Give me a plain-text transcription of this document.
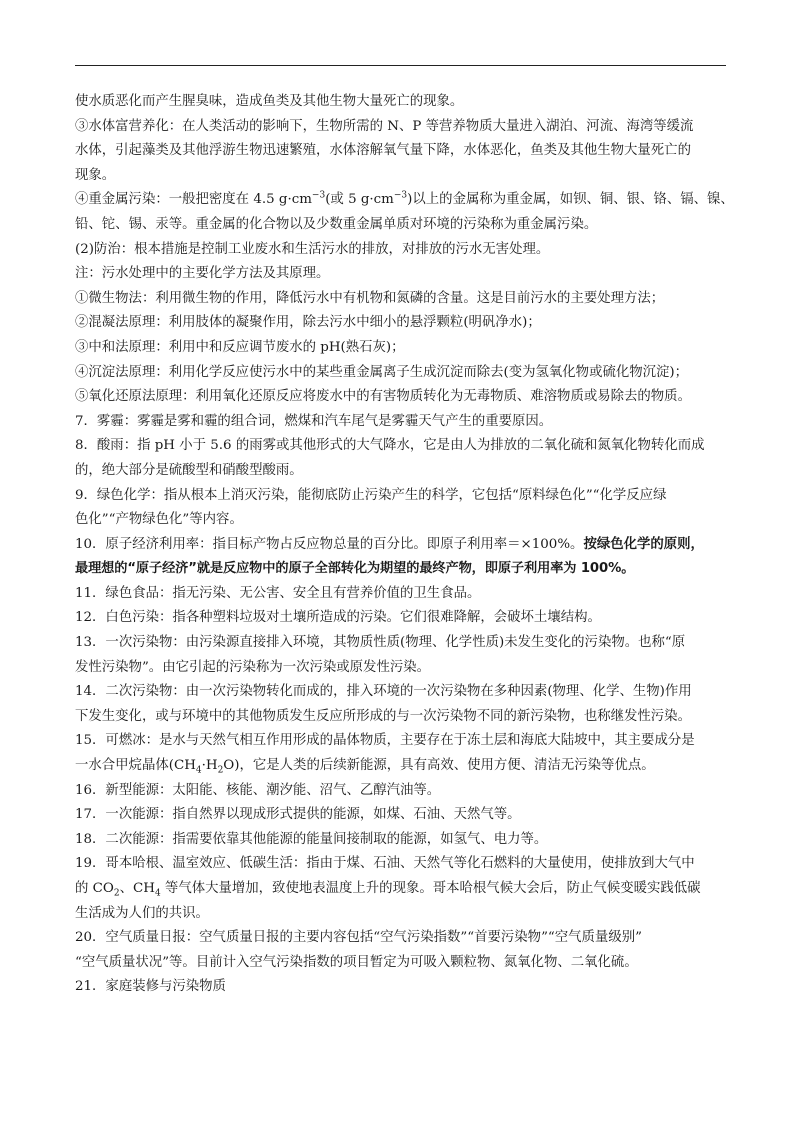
使水质恶化而产生腥臭味，造成鱼类及其他生物大量死亡的现象。

③水体富营养化：在人类活动的影响下，生物所需的 N、P 等营养物质大量进入湖泊、河流、海湾等缓流

水体，引起藻类及其他浮游生物迅速繁殖，水体溶解氧气量下降，水体恶化，鱼类及其他生物大量死亡的

现象。

④重金属污染：一般把密度在 4.5 $g\cdot cm^{-3}$(或 5 $g\cdot cm^{-3}$)以上的金属称为重金属，如钡、铜、银、铬、镉、镍、

铅、铊、锡、汞等。重金属的化合物以及少数重金属单质对环境的污染称为重金属污染。

(2)防治：根本措施是控制工业废水和生活污水的排放，对排放的污水无害处理。

注：污水处理中的主要化学方法及其原理。

①微生物法：利用微生物的作用，降低污水中有机物和氮磷的含量。这是目前污水的主要处理方法；

②混凝法原理：利用肢体的凝聚作用，除去污水中细小的悬浮颗粒(明矾净水)；

③中和法原理：利用中和反应调节废水的 pH(熟石灰)；

④沉淀法原理：利用化学反应使污水中的某些重金属离子生成沉淀而除去(变为氢氧化物或硫化物沉淀)；

⑤氧化还原法原理：利用氧化还原反应将废水中的有害物质转化为无毒物质、难溶物质或易除去的物质。

7．雾霾：雾霾是雾和霾的组合词，燃煤和汽车尾气是雾霾天气产生的重要原因。

8．酸雨：指 pH 小于 5.6 的雨雾或其他形式的大气降水，它是由人为排放的二氧化硫和氮氧化物转化而成

的，绝大部分是硫酸型和硝酸型酸雨。

9．绿色化学：指从根本上消灭污染，能彻底防止污染产生的科学，它包括“原料绿色化”“化学反应绿

色化”“产物绿色化”等内容。

10．原子经济利用率：指目标产物占反应物总量的百分比。即原子利用率＝×100%。按绿色化学的原则，

最理想的“原子经济”就是反应物中的原子全部转化为期望的最终产物，即原子利用率为 100%。

11．绿色食品：指无污染、无公害、安全且有营养价值的卫生食品。

12．白色污染：指各种塑料垃圾对土壤所造成的污染。它们很难降解，会破坏土壤结构。

13．一次污染物：由污染源直接排入环境，其物质性质(物理、化学性质)未发生变化的污染物。也称“原

发性污染物”。由它引起的污染称为一次污染或原发性污染。

14．二次污染物：由一次污染物转化而成的，排入环境的一次污染物在多种因素(物理、化学、生物)作用

下发生变化，或与环境中的其他物质发生反应所形成的与一次污染物不同的新污染物，也称继发性污染。

15．可燃冰：是水与天然气相互作用形成的晶体物质，主要存在于冻土层和海底大陆坡中，其主要成分是

一水合甲烷晶体$(CH_4\cdot H_2O)$，它是人类的后续新能源，具有高效、使用方便、清洁无污染等优点。

16．新型能源：太阳能、核能、潮汐能、沼气、乙醇汽油等。

17．一次能源：指自然界以现成形式提供的能源，如煤、石油、天然气等。

18．二次能源：指需要依靠其他能源的能量间接制取的能源，如氢气、电力等。

19．哥本哈根、温室效应、低碳生活：指由于煤、石油、天然气等化石燃料的大量使用，使排放到大气中

的 $CO_2$、$CH_4$ 等气体大量增加，致使地表温度上升的现象。哥本哈根气候大会后，防止气候变暖实践低碳

生活成为人们的共识。

20．空气质量日报：空气质量日报的主要内容包括“空气污染指数”“首要污染物”“空气质量级别”

“空气质量状况”等。目前计入空气污染指数的项目暂定为可吸入颗粒物、氮氧化物、二氧化硫。

21．家庭装修与污染物质
